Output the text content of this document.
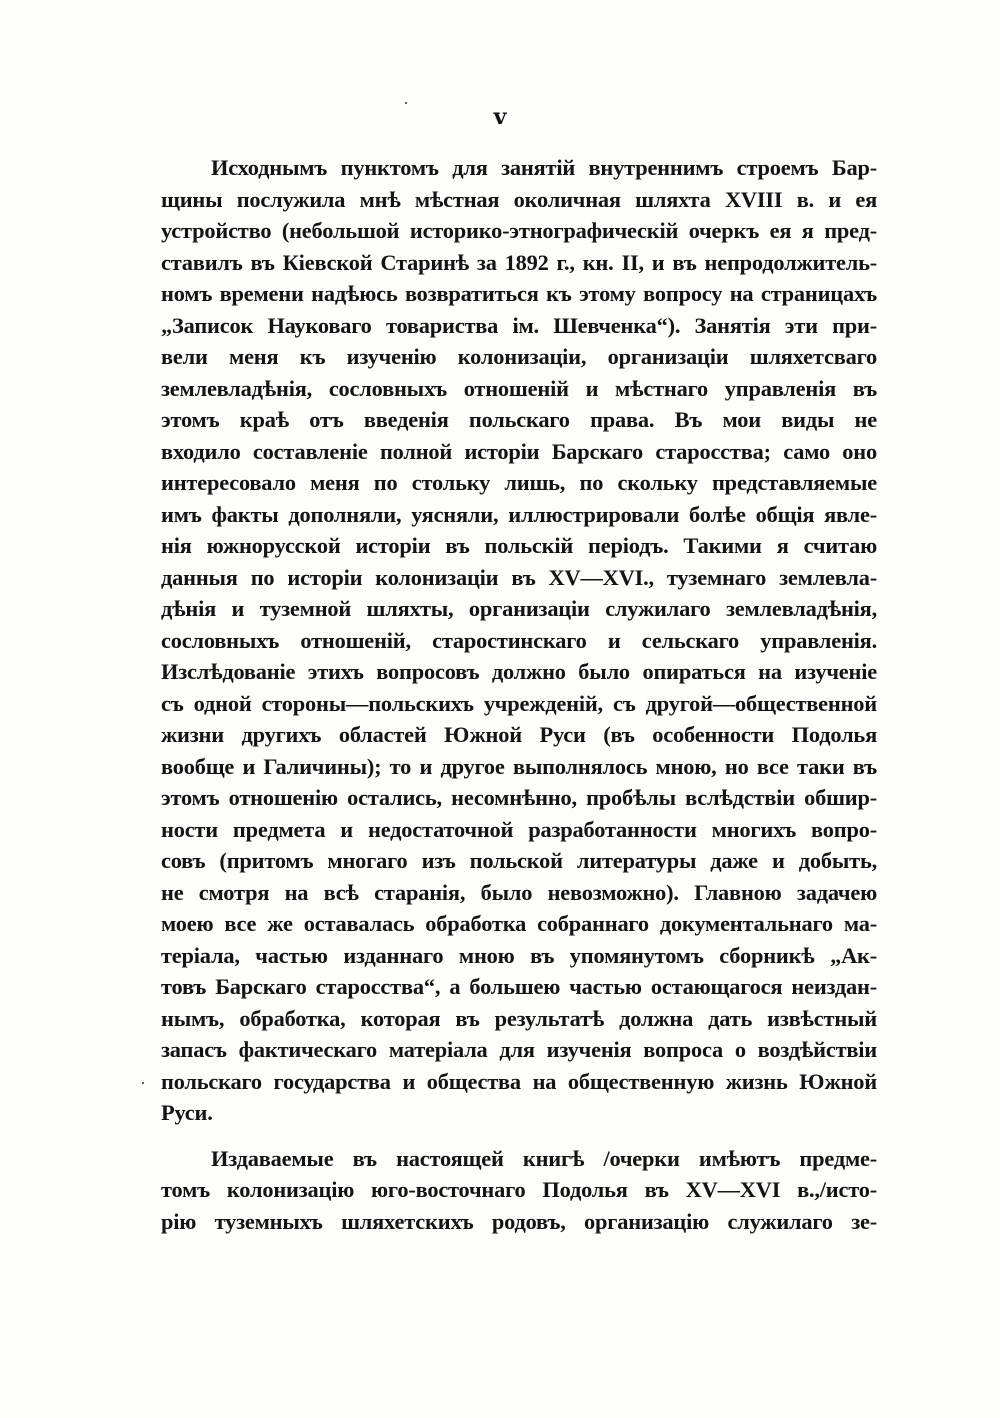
v
Исходнымъ пунктомъ для занятій внутреннимъ строемъ Бар-
щины послужила мнѣ мѣстная околичная шляхта XVIII в. и ея
устройство (небольшой историко-этнографическій очеркъ ея я пред-
ставилъ въ Кіевской Старинѣ за 1892 г., кн. II, и въ непродолжитель-
номъ времени надѣюсь возвратиться къ этому вопросу на страницахъ
„Записок Науковаго товариства ім. Шевченка“). Занятія эти при-
вели меня къ изученію колонизаціи, организаціи шляхетсваго
землевладѣнія, сословныхъ отношеній и мѣстнаго управленія въ
этомъ краѣ отъ введенія польскаго права. Въ мои виды не
входило составленіе полной исторіи Барскаго старосства; само оно
интересовало меня по стольку лишь, по скольку представляемые
имъ факты дополняли, уясняли, иллюстрировали болѣе общія явле-
нія южнорусской исторіи въ польскій періодъ. Такими я считаю
данныя по исторіи колонизаціи въ XV—XVI., туземнаго землевла-
дѣнія и туземной шляхты, организаціи служилаго землевладѣнія,
сословныхъ отношеній, старостинскаго и сельскаго управленія.
Изслѣдованіе этихъ вопросовъ должно было опираться на изученіе
съ одной стороны—польскихъ учрежденій, съ другой—общественной
жизни другихъ областей Южной Руси (въ особенности Подолья
вообще и Галичины); то и другое выполнялось мною, но все таки въ
этомъ отношенію остались, несомнѣнно, пробѣлы вслѣдствіи обшир-
ности предмета и недостаточной разработанности многихъ вопро-
совъ (притомъ многаго изъ польской литературы даже и добыть,
не смотря на всѣ старанія, было невозможно). Главною задачею
моею все же оставалась обработка собраннаго документальнаго ма-
теріала, частью изданнаго мною въ упомянутомъ сборникѣ „Ак-
товъ Барскаго старосства“, а большею частью остающагося неиздан-
нымъ, обработка, которая въ результатѣ должна дать извѣстный
запасъ фактическаго матеріала для изученія вопроса о воздѣйствіи
польскаго государства и общества на общественную жизнь Южной
Руси.
Издаваемые въ настоящей книгѣ /очерки имѣютъ предме-
томъ колонизацію юго-восточнаго Подолья въ XV—XVI в.,/исто-
рію туземныхъ шляхетскихъ родовъ, организацію служилаго зе-
